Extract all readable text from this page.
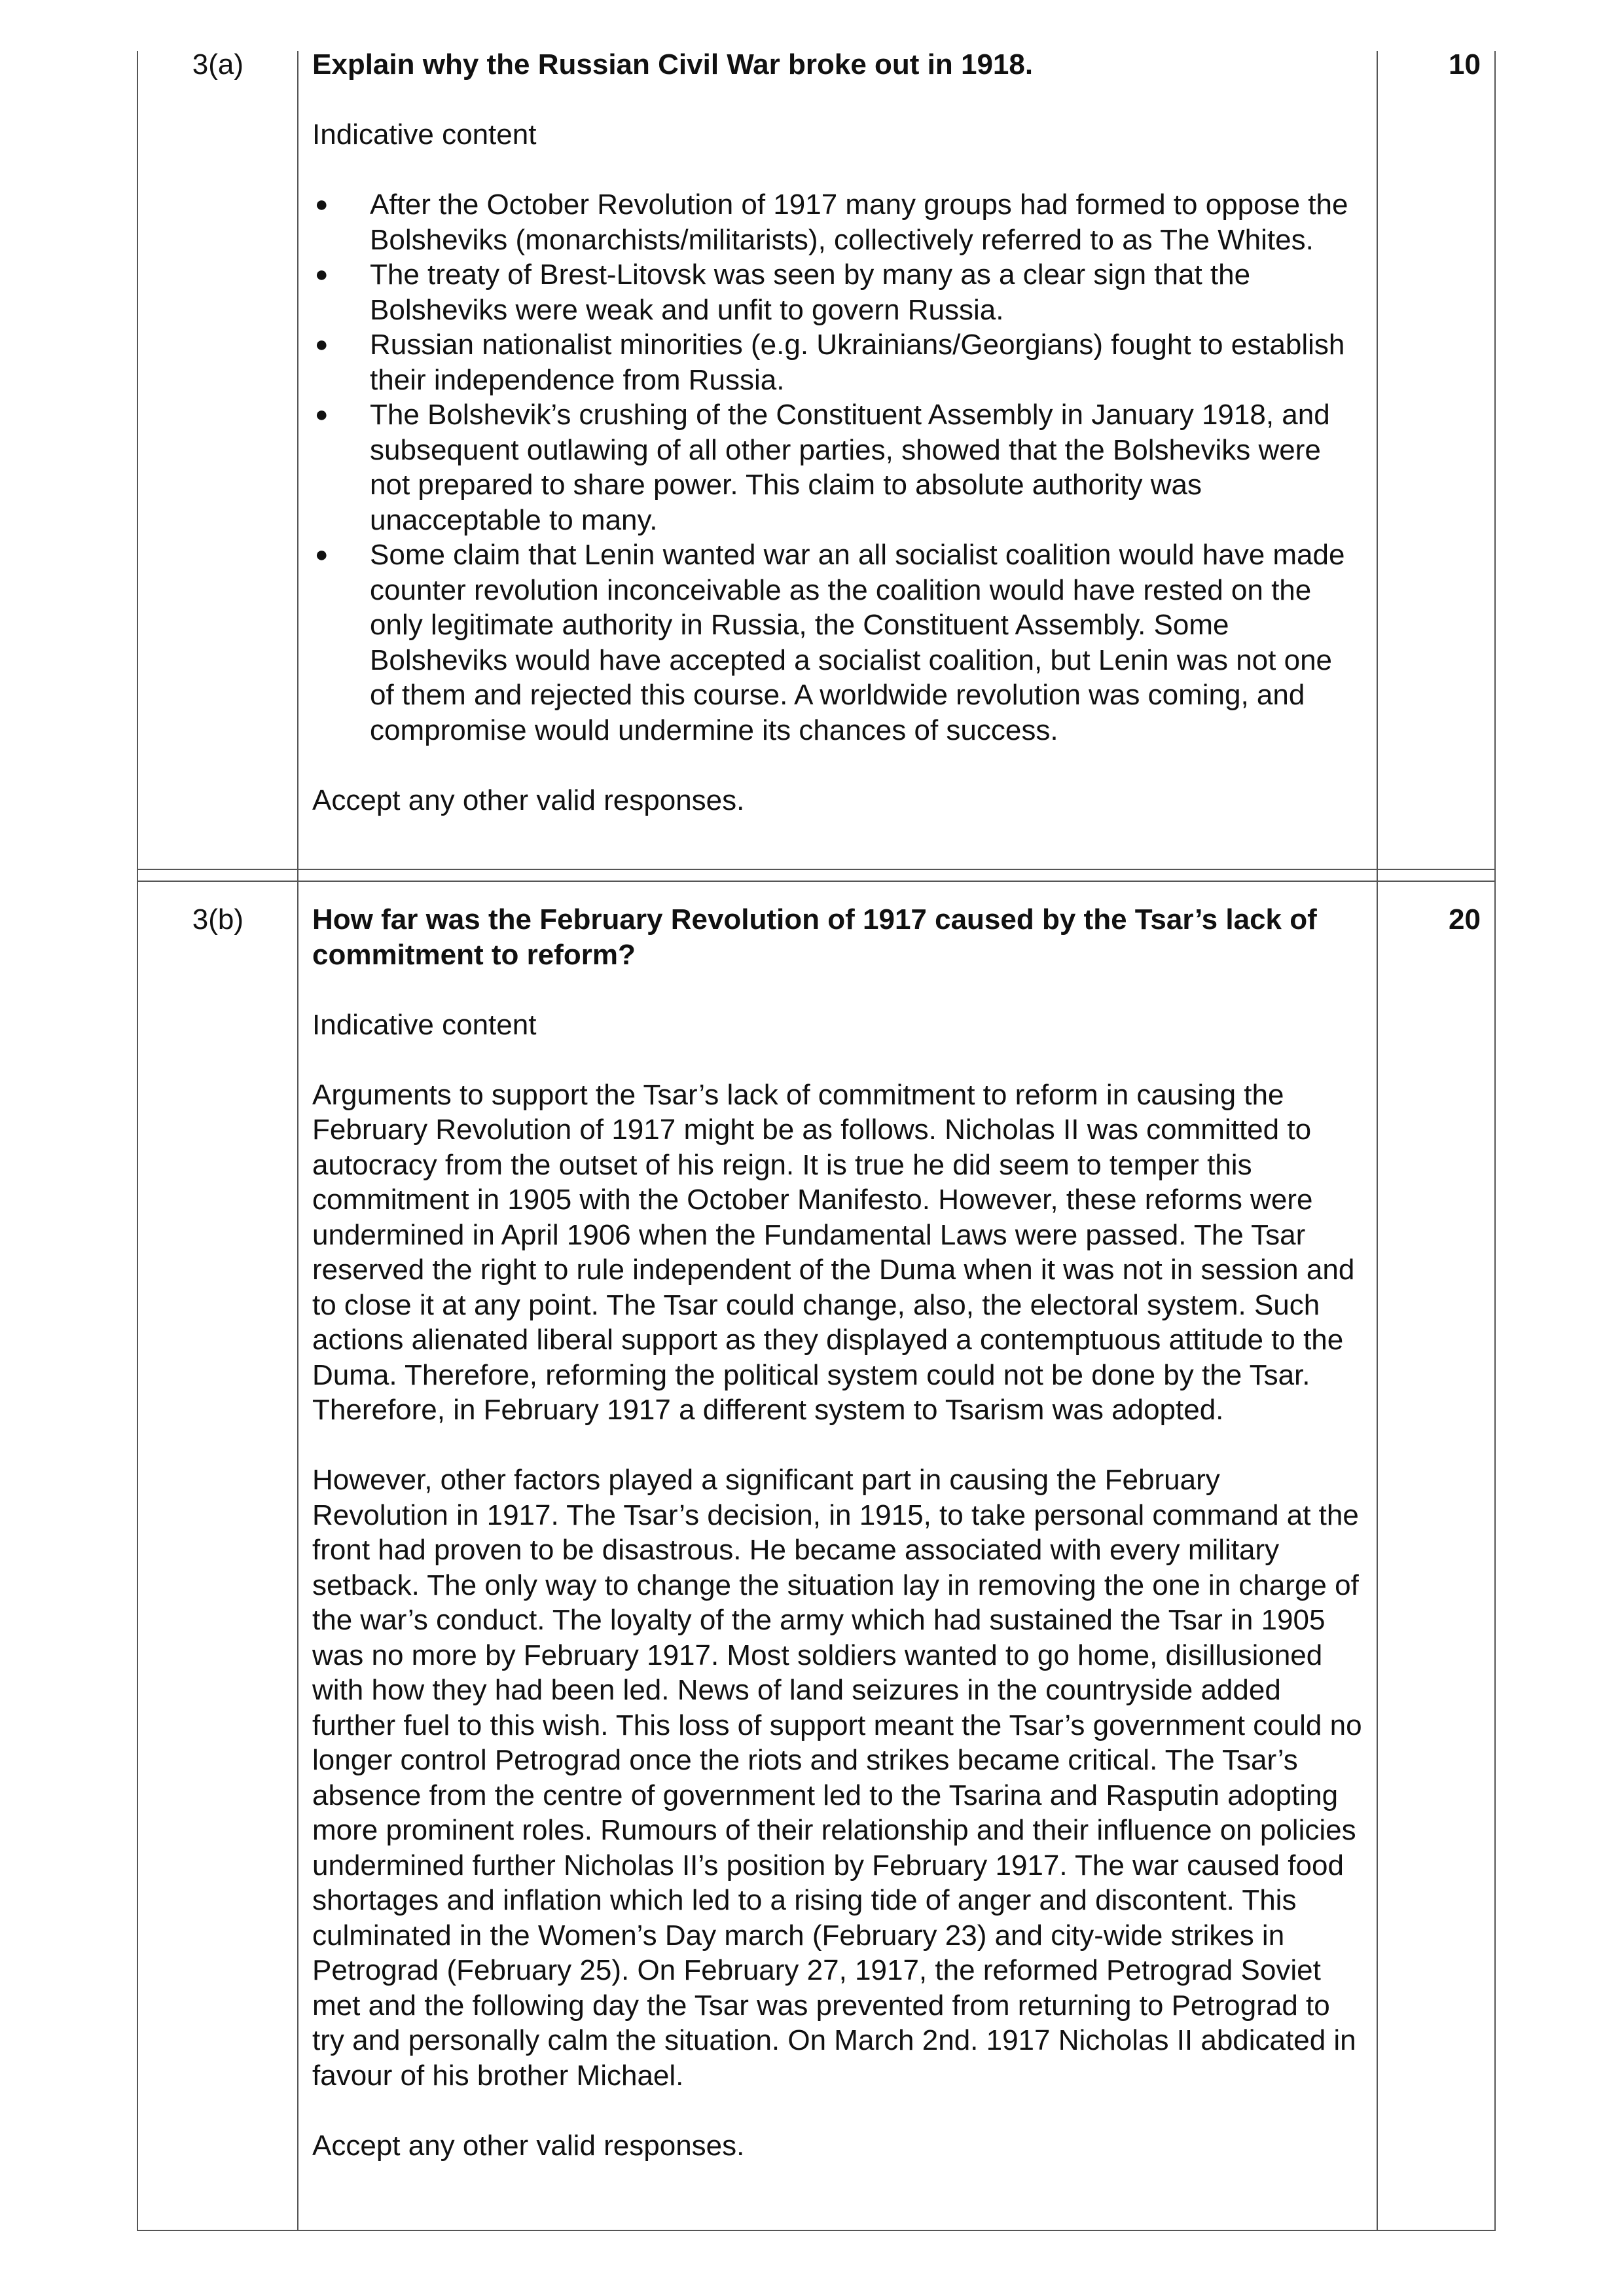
3(a)	10

Explain why the Russian Civil War broke out in 1918.

Indicative content

● After the October Revolution of 1917 many groups had formed to oppose the Bolsheviks (monarchists/militarists), collectively referred to as The Whites.
● The treaty of Brest-Litovsk was seen by many as a clear sign that the Bolsheviks were weak and unfit to govern Russia.
● Russian nationalist minorities (e.g. Ukrainians/Georgians) fought to establish their independence from Russia.
● The Bolshevik’s crushing of the Constituent Assembly in January 1918, and subsequent outlawing of all other parties, showed that the Bolsheviks were not prepared to share power. This claim to absolute authority was unacceptable to many.
● Some claim that Lenin wanted war an all socialist coalition would have made counter revolution inconceivable as the coalition would have rested on the only legitimate authority in Russia, the Constituent Assembly. Some Bolsheviks would have accepted a socialist coalition, but Lenin was not one of them and rejected this course. A worldwide revolution was coming, and compromise would undermine its chances of success.

Accept any other valid responses.

3(b)	20

How far was the February Revolution of 1917 caused by the Tsar’s lack of commitment to reform?

Indicative content

Arguments to support the Tsar’s lack of commitment to reform in causing the February Revolution of 1917 might be as follows. Nicholas II was committed to autocracy from the outset of his reign. It is true he did seem to temper this commitment in 1905 with the October Manifesto. However, these reforms were undermined in April 1906 when the Fundamental Laws were passed. The Tsar reserved the right to rule independent of the Duma when it was not in session and to close it at any point. The Tsar could change, also, the electoral system. Such actions alienated liberal support as they displayed a contemptuous attitude to the Duma. Therefore, reforming the political system could not be done by the Tsar. Therefore, in February 1917 a different system to Tsarism was adopted.

However, other factors played a significant part in causing the February Revolution in 1917. The Tsar’s decision, in 1915, to take personal command at the front had proven to be disastrous. He became associated with every military setback. The only way to change the situation lay in removing the one in charge of the war’s conduct. The loyalty of the army which had sustained the Tsar in 1905 was no more by February 1917. Most soldiers wanted to go home, disillusioned with how they had been led. News of land seizures in the countryside added further fuel to this wish. This loss of support meant the Tsar’s government could no longer control Petrograd once the riots and strikes became critical. The Tsar’s absence from the centre of government led to the Tsarina and Rasputin adopting more prominent roles. Rumours of their relationship and their influence on policies undermined further Nicholas II’s position by February 1917. The war caused food shortages and inflation which led to a rising tide of anger and discontent. This culminated in the Women’s Day march (February 23) and city-wide strikes in Petrograd (February 25). On February 27, 1917, the reformed Petrograd Soviet met and the following day the Tsar was prevented from returning to Petrograd to try and personally calm the situation. On March 2nd. 1917 Nicholas II abdicated in favour of his brother Michael.

Accept any other valid responses.
